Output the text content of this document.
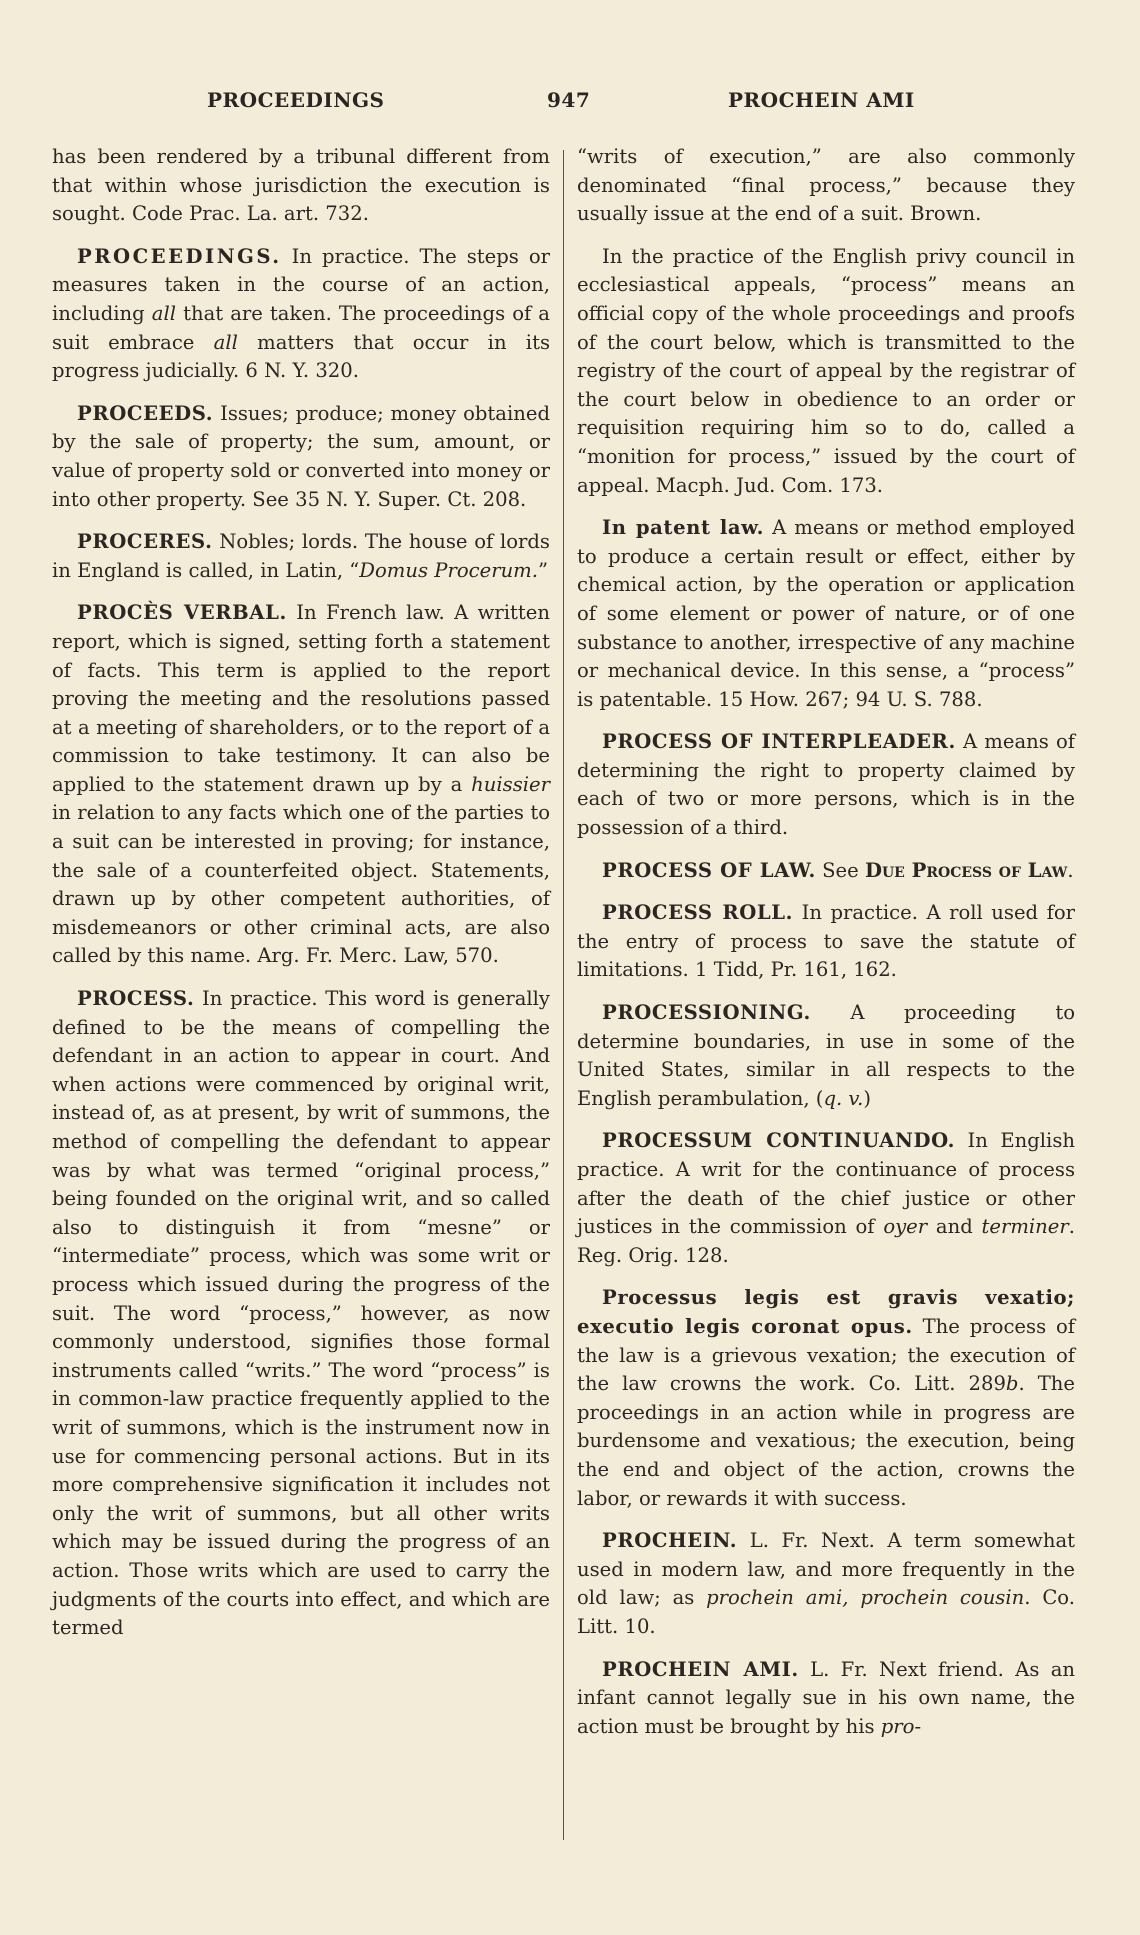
PROCEEDINGS	947	PROCHEIN AMI

has been rendered by a tribunal different from that within whose jurisdiction the execution is sought. Code Prac. La. art. 732.

PROCEEDINGS. In practice. The steps or measures taken in the course of an action, including all that are taken. The proceedings of a suit embrace all matters that occur in its progress judicially. 6 N. Y. 320.

PROCEEDS. Issues; produce; money obtained by the sale of property; the sum, amount, or value of property sold or converted into money or into other property. See 35 N. Y. Super. Ct. 208.

PROCERES. Nobles; lords. The house of lords in England is called, in Latin, “Domus Procerum.”

PROCÈS VERBAL. In French law. A written report, which is signed, setting forth a statement of facts. This term is applied to the report proving the meeting and the resolutions passed at a meeting of shareholders, or to the report of a commission to take testimony. It can also be applied to the statement drawn up by a huissier in relation to any facts which one of the parties to a suit can be interested in proving; for instance, the sale of a counterfeited object. Statements, drawn up by other competent authorities, of misdemeanors or other criminal acts, are also called by this name. Arg. Fr. Merc. Law, 570.

PROCESS. In practice. This word is generally defined to be the means of compelling the defendant in an action to appear in court. And when actions were commenced by original writ, instead of, as at present, by writ of summons, the method of compelling the defendant to appear was by what was termed “original process,” being founded on the original writ, and so called also to distinguish it from “mesne” or “intermediate” process, which was some writ or process which issued during the progress of the suit. The word “process,” however, as now commonly understood, signifies those formal instruments called “writs.” The word “process” is in common-law practice frequently applied to the writ of summons, which is the instrument now in use for commencing personal actions. But in its more comprehensive signification it includes not only the writ of summons, but all other writs which may be issued during the progress of an action. Those writs which are used to carry the judgments of the courts into effect, and which are termed

“writs of execution,” are also commonly denominated “final process,” because they usually issue at the end of a suit. Brown.

In the practice of the English privy council in ecclesiastical appeals, “process” means an official copy of the whole proceedings and proofs of the court below, which is transmitted to the registry of the court of appeal by the registrar of the court below in obedience to an order or requisition requiring him so to do, called a “monition for process,” issued by the court of appeal. Macph. Jud. Com. 173.

In patent law. A means or method employed to produce a certain result or effect, either by chemical action, by the operation or application of some element or power of nature, or of one substance to another, irrespective of any machine or mechanical device. In this sense, a “process” is patentable. 15 How. 267; 94 U. S. 788.

PROCESS OF INTERPLEADER. A means of determining the right to property claimed by each of two or more persons, which is in the possession of a third.

PROCESS OF LAW. See Due Process of Law.

PROCESS ROLL. In practice. A roll used for the entry of process to save the statute of limitations. 1 Tidd, Pr. 161, 162.

PROCESSIONING. A proceeding to determine boundaries, in use in some of the United States, similar in all respects to the English perambulation, (q. v.)

PROCESSUM CONTINUANDO. In English practice. A writ for the continuance of process after the death of the chief justice or other justices in the commission of oyer and terminer. Reg. Orig. 128.

Processus legis est gravis vexatio; executio legis coronat opus. The process of the law is a grievous vexation; the execution of the law crowns the work. Co. Litt. 289b. The proceedings in an action while in progress are burdensome and vexatious; the execution, being the end and object of the action, crowns the labor, or rewards it with success.

PROCHEIN. L. Fr. Next. A term somewhat used in modern law, and more frequently in the old law; as prochein ami, prochein cousin. Co. Litt. 10.

PROCHEIN AMI. L. Fr. Next friend. As an infant cannot legally sue in his own name, the action must be brought by his pro-
